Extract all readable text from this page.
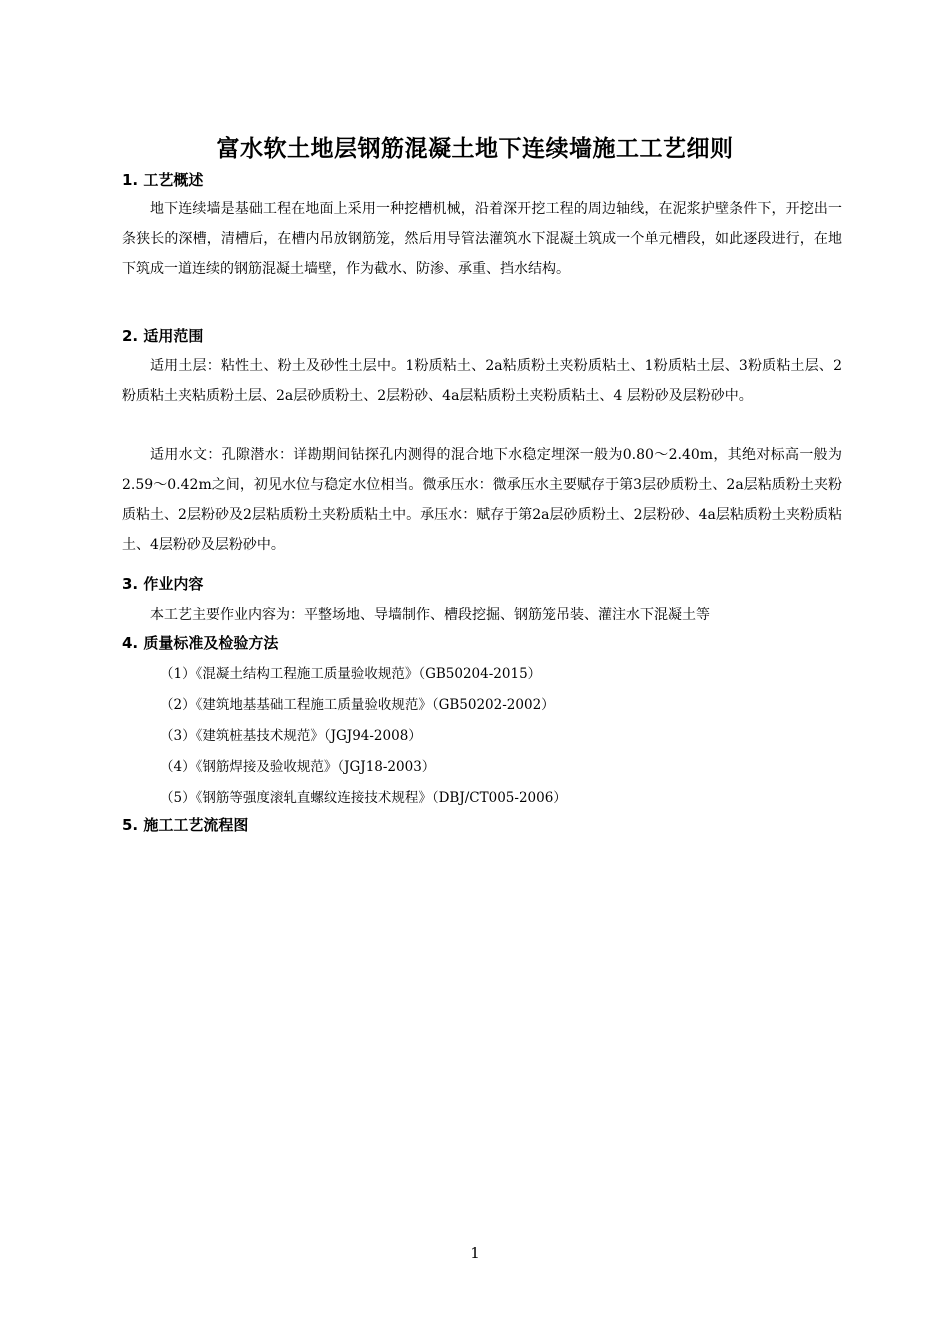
富水软土地层钢筋混凝土地下连续墙施工工艺细则
1. 工艺概述

地下连续墙是基础工程在地面上采用一种挖槽机械，沿着深开挖工程的周边轴线，在泥浆护壁条件下，开挖出一条狭长的深槽，清槽后，在槽内吊放钢筋笼，然后用导管法灌筑水下混凝土筑成一个单元槽段，如此逐段进行，在地下筑成一道连续的钢筋混凝土墙壁，作为截水、防渗、承重、挡水结构。

2. 适用范围

适用土层：粘性土、粉土及砂性土层中。1粉质粘土、2a粘质粉土夹粉质粘土、1粉质粘土层、3粉质粘土层、2粉质粘土夹粘质粉土层、2a层砂质粉土、2层粉砂、4a层粘质粉土夹粉质粘土、4 层粉砂及层粉砂中。

适用水文：孔隙潜水：详勘期间钻探孔内测得的混合地下水稳定埋深一般为0.80～2.40m，其绝对标高一般为2.59～0.42m之间，初见水位与稳定水位相当。微承压水：微承压水主要赋存于第3层砂质粉土、2a层粘质粉土夹粉质粘土、2层粉砂及2层粘质粉土夹粉质粘土中。承压水：赋存于第2a层砂质粉土、2层粉砂、4a层粘质粉土夹粉质粘土、4层粉砂及层粉砂中。

3. 作业内容

本工艺主要作业内容为：平整场地、导墙制作、槽段挖掘、钢筋笼吊装、灌注水下混凝土等

4. 质量标准及检验方法
（1）《混凝土结构工程施工质量验收规范》（GB50204-2015）
（2）《建筑地基基础工程施工质量验收规范》（GB50202-2002）
（3）《建筑桩基技术规范》（JGJ94-2008）
（4）《钢筋焊接及验收规范》（JGJ18-2003）
（5）《钢筋等强度滚轧直螺纹连接技术规程》（DBJ/CT005-2006）
5. 施工工艺流程图
1
